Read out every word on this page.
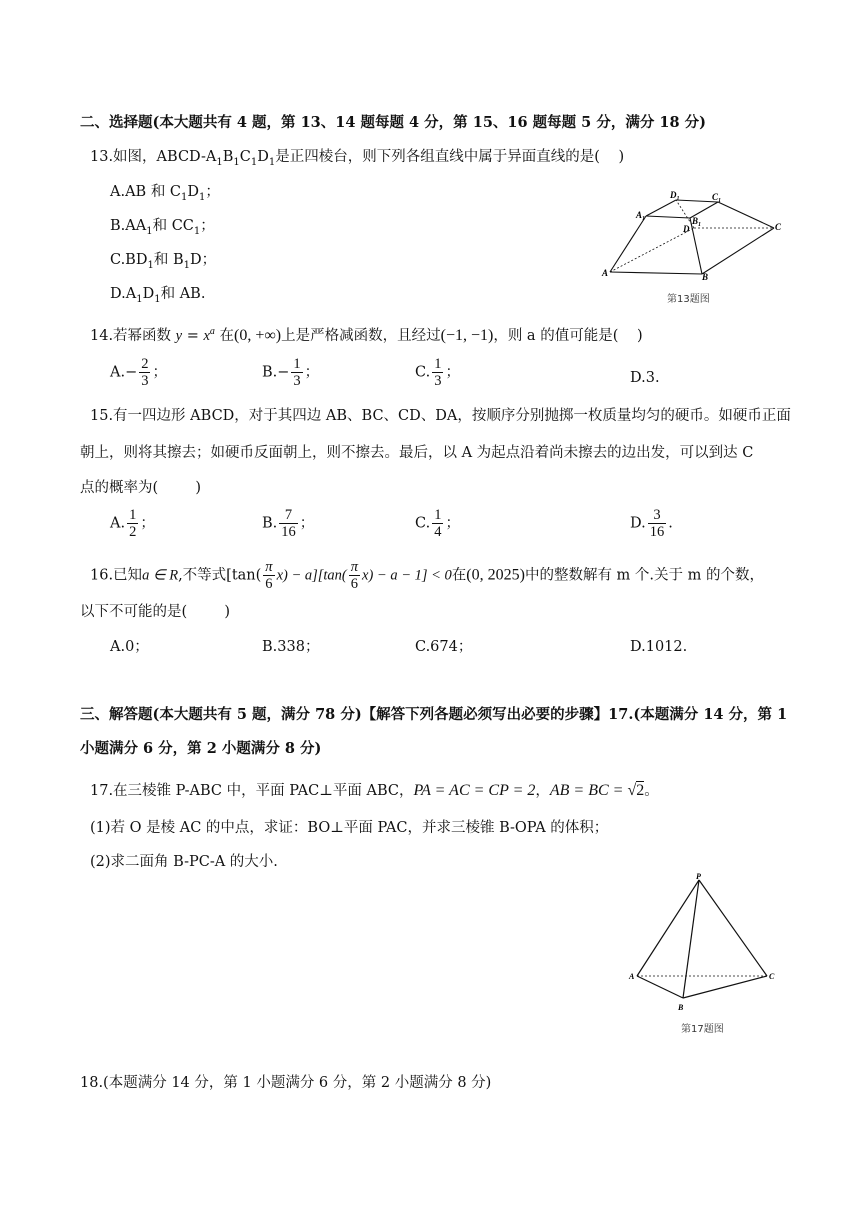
二、选择题(本大题共有 4 题，第 13、14 题每题 4 分，第 15、16 题每题 5 分，满分 18 分)
13.如图，ABCD-$A_1B_1C_1D_1$是正四棱台，则下列各组直线中属于异面直线的是( )
A.AB 和 $C_1D_1$；
$B.AA_1$和 $CC_1$；
$C.BD_1$和 $B_1D$；
$D.A_1D_1$和 AB.
A	B
C
D
$A_1$	$B_1$
$C_1$
$D_1$
第13题图
14.若幂函数 $y = x^a$ 在(0, +∞)上是严格减函数，且经过(−1, −1)，则 a 的值可能是( )
$A.- \frac{2}{3}$ ；	$B.- \frac{1}{3}$ ；	C. $\frac{1}{3}$ ；	D.3.
15.有一四边形 ABCD，对于其四边 AB、BC、CD、DA，按顺序分别抛掷一枚质量均匀的硬币。如硬币正面
朝上，则将其擦去；如硬币反面朝上，则不擦去。最后，以 A 为起点沿着尚未擦去的边出发，可以到达 C
点的概率为(	)
A. $\frac{1}{2}$ ；	B. $\frac{7}{16}$ ；	C. $\frac{1}{4}$ ；	D. $\frac{3}{16}$ .
16.已知a ∈ R,不等式$[\tan( \frac{\pi}{6} x) - a][\tan( \frac{\pi}{6} x) - a - 1] < 0$在(0, 2025)中的整数解有 m 个.关于 m 的个数，
以下不可能的是(	)
A.0；	B.338；	C.674；	D.1012.
三、解答题(本大题共有 5 题，满分 78 分)【解答下列各题必须写出必要的步骤】17.(本题满分 14 分，第 1
小题满分 6 分，第 2 小题满分 8 分)
17.在三棱锥 P-ABC 中，平面 PAC⊥平面 ABC，PA = AC = CP = 2，AB = BC = √2。
(1)若 O 是棱 AC 的中点，求证：BO⊥平面 PAC，并求三棱锥 B-OPA 的体积；
(2)求二面角 B-PC-A 的大小.
P
A
B
C
第17题图
18.(本题满分 14 分，第 1 小题满分 6 分，第 2 小题满分 8 分)
